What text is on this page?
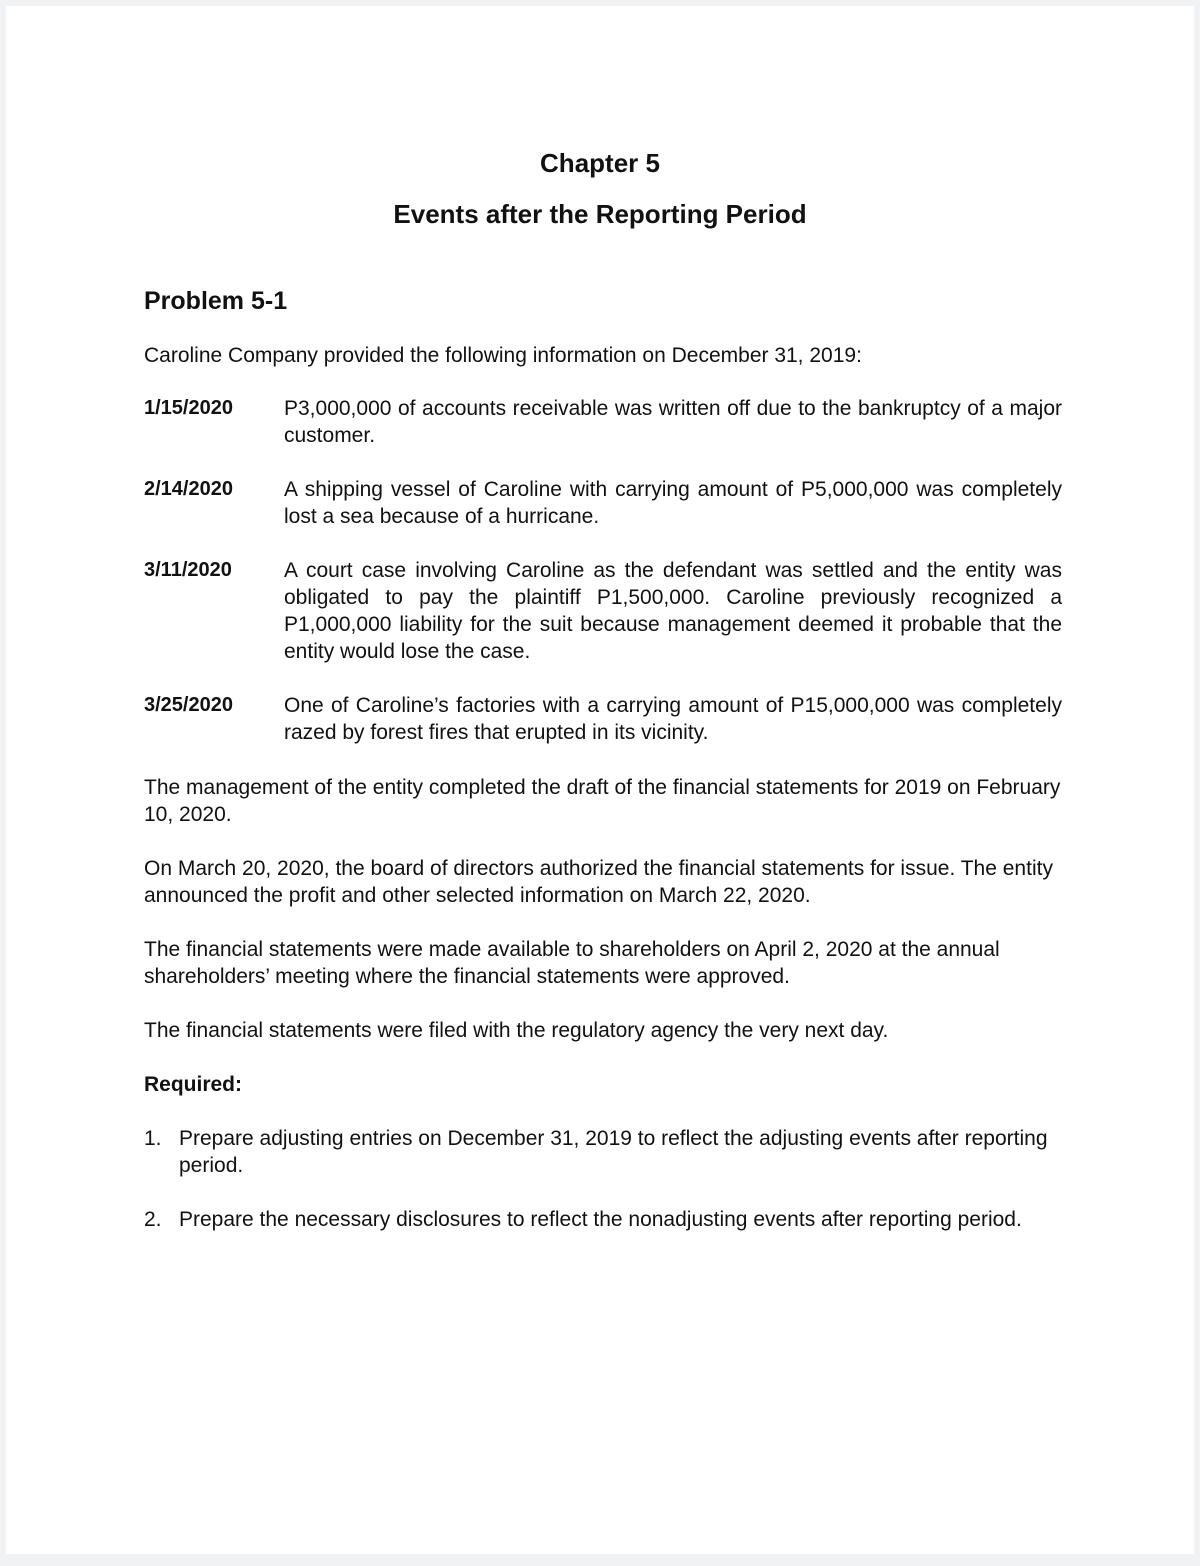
Chapter 5
Events after the Reporting Period
Problem 5-1

Caroline Company provided the following information on December 31, 2019:

1/15/2020	P3,000,000 of accounts receivable was written off due to the bankruptcy of a major customer.
2/14/2020	A shipping vessel of Caroline with carrying amount of P5,000,000 was completely lost a sea because of a hurricane.
3/11/2020	A court case involving Caroline as the defendant was settled and the entity was obligated to pay the plaintiff P1,500,000. Caroline previously recognized a P1,000,000 liability for the suit because management deemed it probable that the entity would lose the case.
3/25/2020	One of Caroline’s factories with a carrying amount of P15,000,000 was completely razed by forest fires that erupted in its vicinity.

The management of the entity completed the draft of the financial statements for 2019 on February 10, 2020.

On March 20, 2020, the board of directors authorized the financial statements for issue. The entity announced the profit and other selected information on March 22, 2020.

The financial statements were made available to shareholders on April 2, 2020 at the annual shareholders’ meeting where the financial statements were approved.

The financial statements were filed with the regulatory agency the very next day.

Required:
1. Prepare adjusting entries on December 31, 2019 to reflect the adjusting events after reporting period.
2. Prepare the necessary disclosures to reflect the nonadjusting events after reporting period.
